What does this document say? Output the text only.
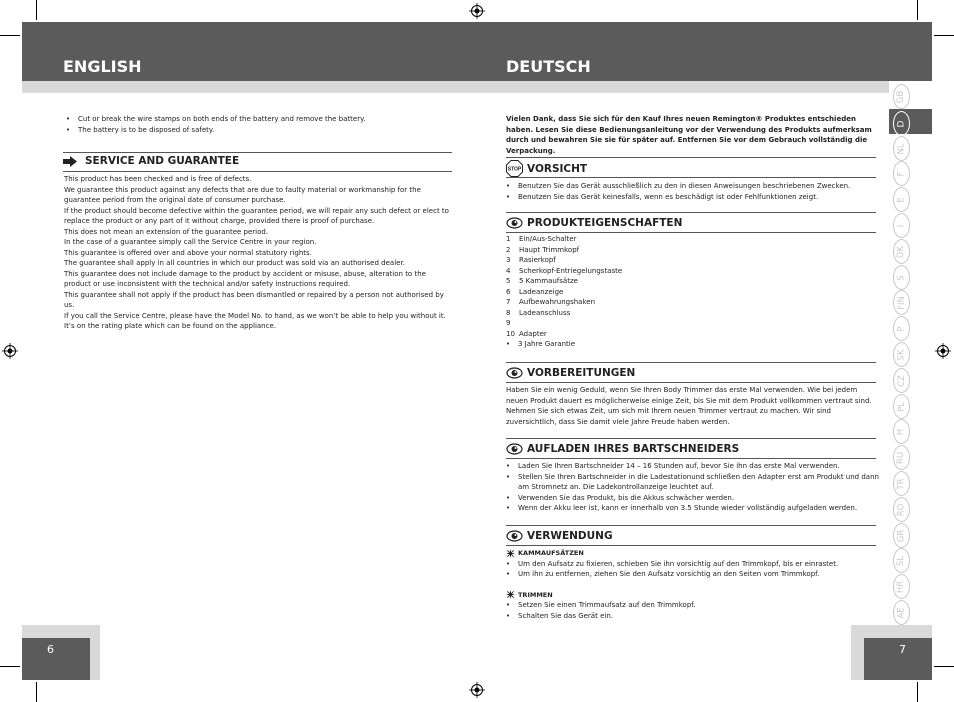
ENGLISH	DEUTSCH
GB
D
NL
F
E
I
DK
S
FIN
P
SK
CZ
PL
H
RU
TR
RO
GR
SL
HR
AE
6	7
• Cut or break the wire stamps on both ends of the battery and remove the battery.
• The battery is to be disposed of safety.
SERVICE AND GUARANTEE
This product has been checked and is free of defects.
We guarantee this product against any defects that are due to faulty material or workmanship for the guarantee period from the original date of consumer purchase.
If the product should become defective within the guarantee period, we will repair any such defect or elect to replace the product or any part of it without charge, provided there is proof of purchase.
This does not mean an extension of the guarantee period.
In the case of a guarantee simply call the Service Centre in your region.
This guarantee is offered over and above your normal statutory rights.
The guarantee shall apply in all countries in which our product was sold via an authorised dealer.
This guarantee does not include damage to the product by accident or misuse, abuse, alteration to the product or use inconsistent with the technical and/or safety instructions required.
This guarantee shall not apply if the product has been dismantled or repaired by a person not authorised by us.
If you call the Service Centre, please have the Model No. to hand, as we won’t be able to help you without it.
It’s on the rating plate which can be found on the appliance.
Vielen Dank, dass Sie sich für den Kauf Ihres neuen Remington® Produktes entschieden haben. Lesen Sie diese Bedienungsanleitung vor der Verwendung des Produkts aufmerksam durch und bewahren Sie sie für später auf. Entfernen Sie vor dem Gebrauch vollständig die Verpackung.
STOP VORSICHT
• Benutzen Sie das Gerät ausschließlich zu den in diesen Anweisungen beschriebenen Zwecken.
• Benutzen Sie das Gerät keinesfalls, wenn es beschädigt ist oder Fehlfunktionen zeigt.
PRODUKTEIGENSCHAFTEN
1 Ein/Aus-Schalter
2 Haupt Trimmkopf
3 Rasierkopf
4 Scherkopf-Entriegelungstaste
5 5 Kammaufsätze
6 Ladeanzeige
7 Aufbewahrungshaken
8 Ladeanschluss
9
10 Adapter
• 3 Jahre Garantie
VORBEREITUNGEN
Haben Sie ein wenig Geduld, wenn Sie Ihren Body Trimmer das erste Mal verwenden. Wie bei jedem neuen Produkt dauert es möglicherweise einige Zeit, bis Sie mit dem Produkt vollkommen vertraut sind. Nehmen Sie sich etwas Zeit, um sich mit Ihrem neuen Trimmer vertraut zu machen. Wir sind zuversichtlich, dass Sie damit viele Jahre Freude haben werden.
AUFLADEN IHRES BARTSCHNEIDERS
• Laden Sie Ihren Bartschneider 14 – 16 Stunden auf, bevor Sie ihn das erste Mal verwenden.
• Stellen Sie Ihren Bartschneider in die Ladestationund schließen den Adapter erst am Produkt und dann am Stromnetz an. Die Ladekontrollanzeige leuchtet auf.
• Verwenden Sie das Produkt, bis die Akkus schwächer werden.
• Wenn der Akku leer ist, kann er innerhalb von 3.5 Stunde wieder vollständig aufgeladen werden.
VERWENDUNG
KAMMAUFSÄTZEN
• Um den Aufsatz zu fixieren, schieben Sie ihn vorsichtig auf den Trimmkopf, bis er einrastet.
• Um ihn zu entfernen, ziehen Sie den Aufsatz vorsichtig an den Seiten vom Trimmkopf.
TRIMMEN
• Setzen Sie einen Trimmaufsatz auf den Trimmkopf.
• Schalten Sie das Gerät ein.
